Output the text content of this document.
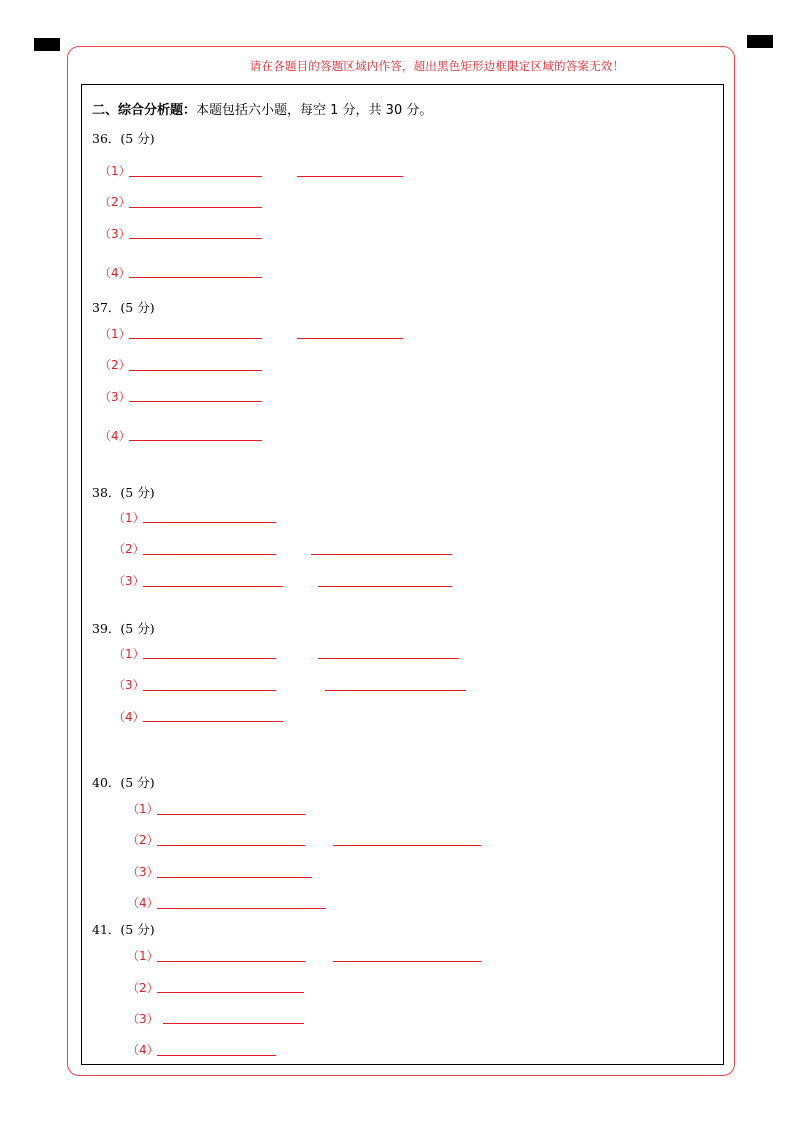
请在各题目的答题区域内作答，超出黑色矩形边框限定区域的答案无效！
二、综合分析题：本题包括六小题，每空 1 分，共 30 分。
36．(5 分)
（1）
（2）
（3）
（4）
37．(5 分)
（1）
（2）
（3）
（4）
38．(5 分)
（1）
（2）
（3）
39．(5 分)
（1）
（3）
（4）
40．(5 分)
（1）
（2）
（3）
（4）
41．(5 分)
（1）
（2）
（3）
（4）
